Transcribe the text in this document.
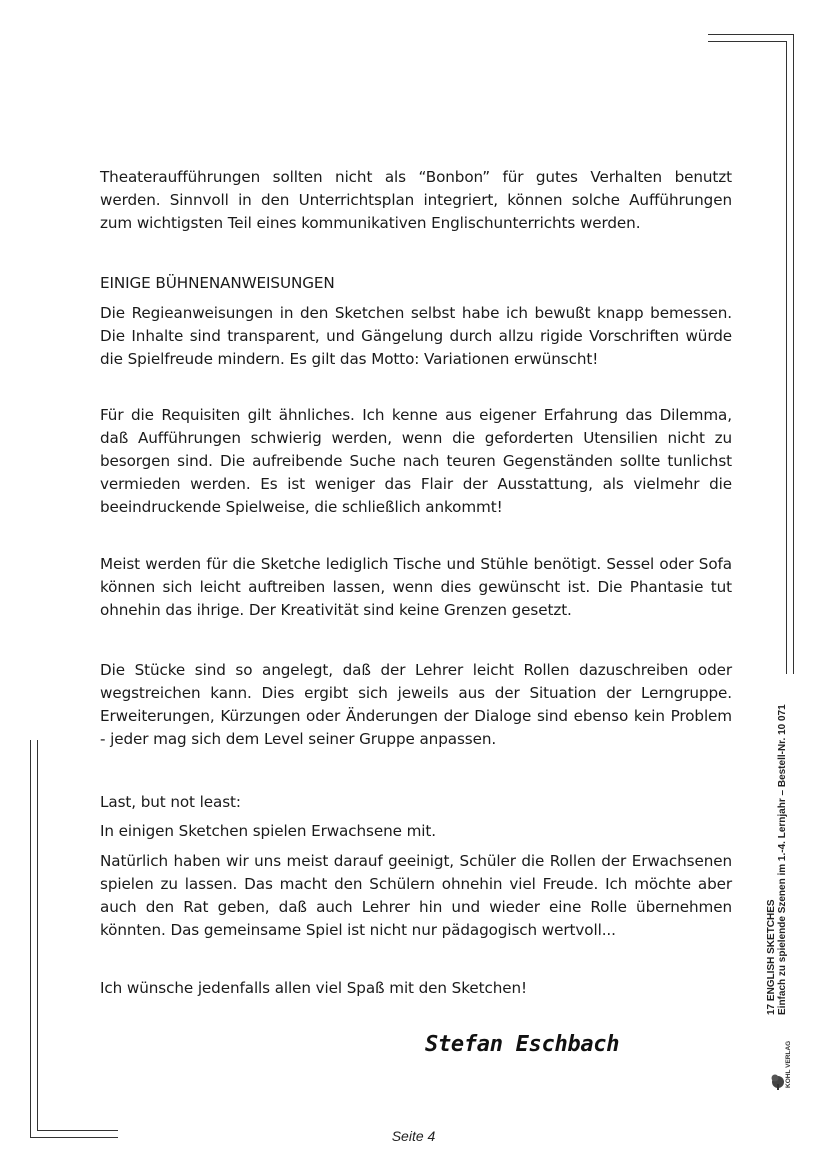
Theateraufführungen sollten nicht als “Bonbon” für gutes Verhalten benutzt werden. Sinnvoll in den Unterrichtsplan integriert, können solche Aufführungen zum wichtigsten Teil eines kommunikativen Englischunterrichts werden.

EINIGE BÜHNENANWEISUNGEN

Die Regieanweisungen in den Sketchen selbst habe ich bewußt knapp bemessen. Die Inhalte sind transparent, und Gängelung durch allzu rigide Vorschriften würde die Spielfreude mindern. Es gilt das Motto: Variationen erwünscht!

Für die Requisiten gilt ähnliches. Ich kenne aus eigener Erfahrung das Dilemma, daß Aufführungen schwierig werden, wenn die geforderten Utensilien nicht zu besorgen sind. Die aufreibende Suche nach teuren Gegenständen sollte tunlichst vermieden werden. Es ist weniger das Flair der Ausstattung, als vielmehr die beeindruckende Spielweise, die schließlich ankommt!

Meist werden für die Sketche lediglich Tische und Stühle benötigt. Sessel oder Sofa können sich leicht auftreiben lassen, wenn dies gewünscht ist. Die Phantasie tut ohnehin das ihrige. Der Kreativität sind keine Grenzen gesetzt.

Die Stücke sind so angelegt, daß der Lehrer leicht Rollen dazuschreiben oder wegstreichen kann. Dies ergibt sich jeweils aus der Situation der Lerngruppe. Erweiterungen, Kürzungen oder Änderungen der Dialoge sind ebenso kein Problem - jeder mag sich dem Level seiner Gruppe anpassen.

Last, but not least:

In einigen Sketchen spielen Erwachsene mit.

Natürlich haben wir uns meist darauf geeinigt, Schüler die Rollen der Erwachsenen spielen zu lassen. Das macht den Schülern ohnehin viel Freude. Ich möchte aber auch den Rat geben, daß auch Lehrer hin und wieder eine Rolle übernehmen könnten. Das gemeinsame Spiel ist nicht nur pädagogisch wertvoll...

Ich wünsche jedenfalls allen viel Spaß mit den Sketchen!

Stefan Eschbach
Seite 4
17 ENGLISH SKETCHES Einfach zu spielende Szenen im 1.-4. Lernjahr – Bestell-Nr. 10 071
KOHL VERLAG
